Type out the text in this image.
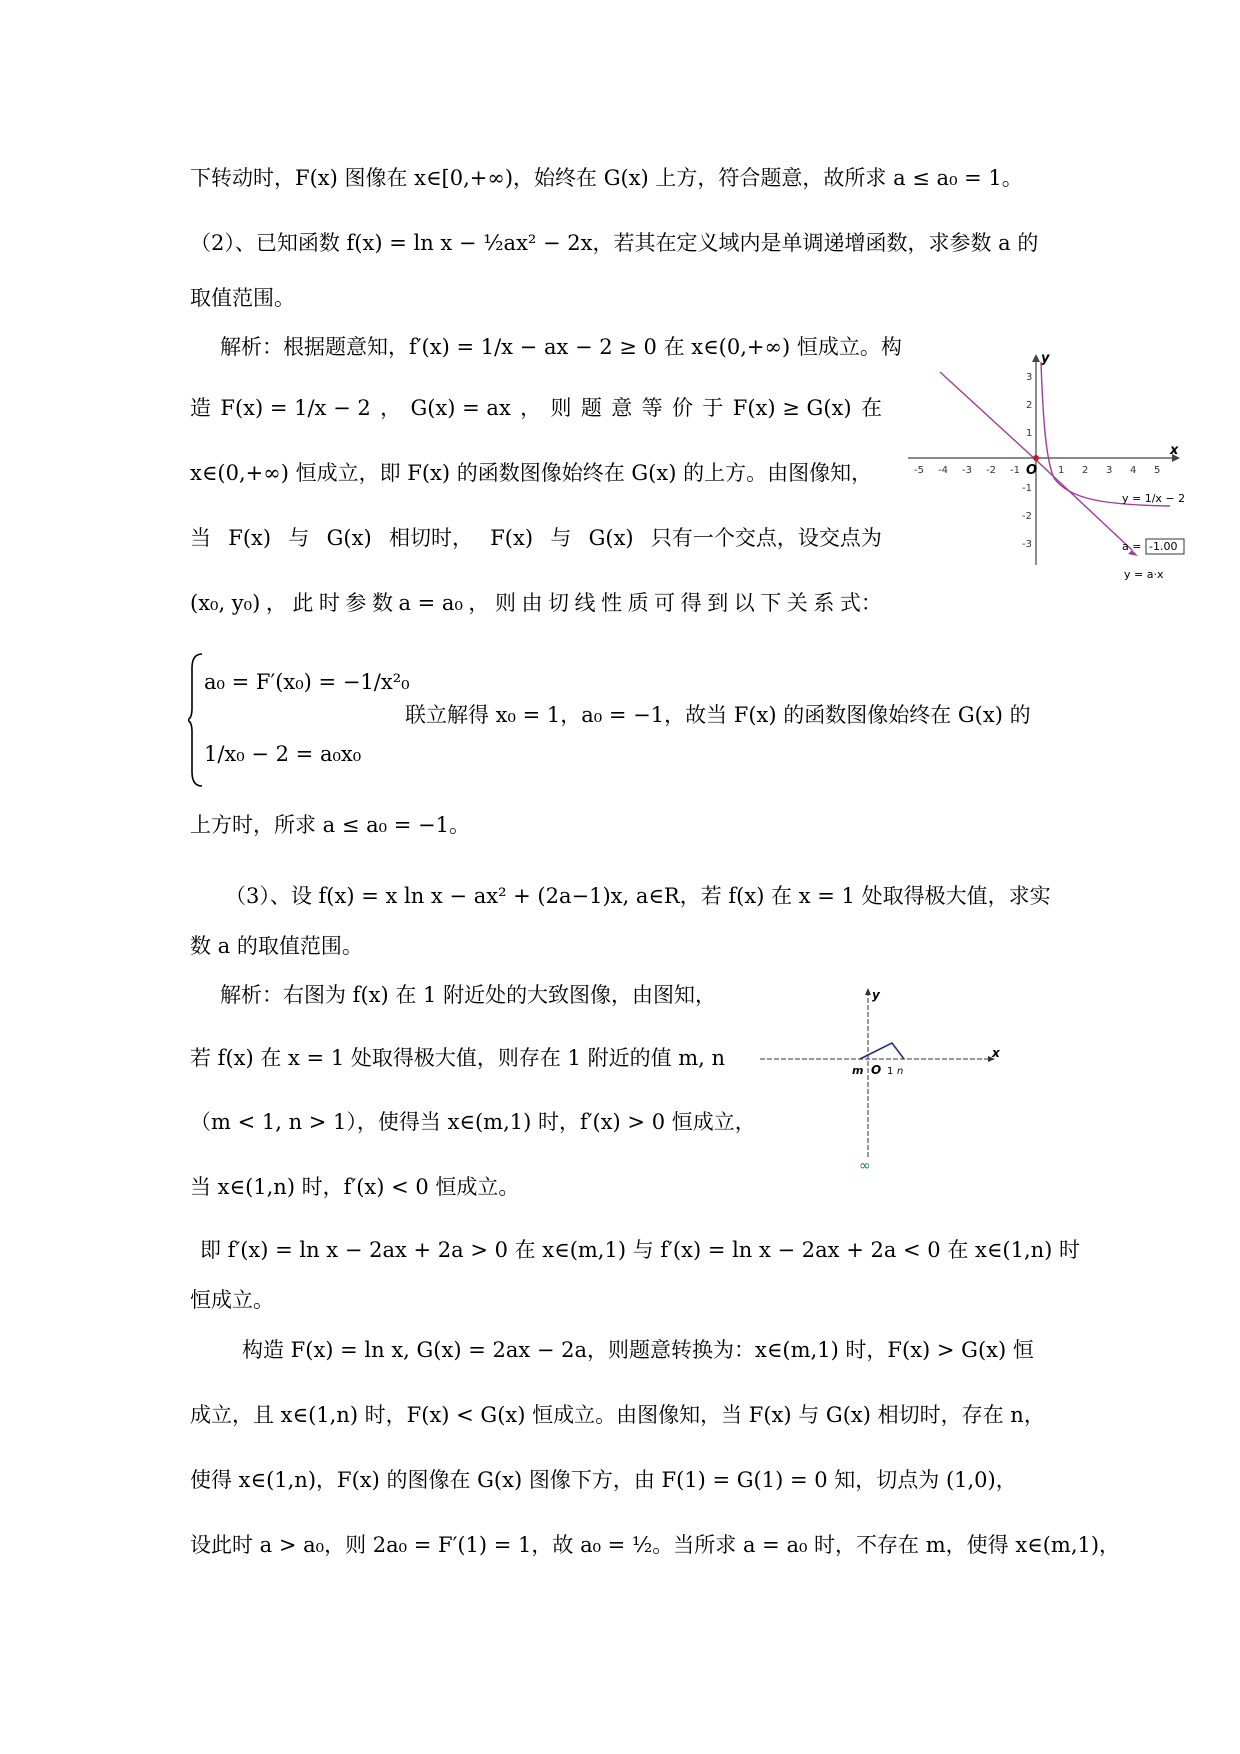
下转动时，F(x) 图像在 x∈[0,+∞)，始终在 G(x) 上方，符合题意，故所求 a ≤ a₀ = 1。
（2）、已知函数 f(x) = ln x − ½ax² − 2x，若其在定义域内是单调递增函数，求参数 a 的
取值范围。
解析：根据题意知，f′(x) = 1/x − ax − 2 ≥ 0 在 x∈(0,+∞) 恒成立。构
造 F(x) = 1/x − 2 ， G(x) = ax ， 则 题 意 等 价 于 F(x) ≥ G(x) 在
x∈(0,+∞) 恒成立，即 F(x) 的函数图像始终在 G(x) 的上方。由图像知，
当 F(x) 与 G(x) 相切时， F(x) 与 G(x) 只有一个交点，设交点为
(x₀, y₀) ， 此 时 参 数 a = a₀ ， 则 由 切 线 性 质 可 得 到 以 下 关 系 式：
a₀ = F′(x₀) = −1/x²₀
1/x₀ − 2 = a₀x₀
联立解得 x₀ = 1，a₀ = −1，故当 F(x) 的函数图像始终在 G(x) 的
上方时，所求 a ≤ a₀ = −1。
（3）、设 f(x) = x ln x − ax² + (2a−1)x, a∈R，若 f(x) 在 x = 1 处取得极大值，求实
数 a 的取值范围。
解析：右图为 f(x) 在 1 附近处的大致图像，由图知，
若 f(x) 在 x = 1 处取得极大值，则存在 1 附近的值 m, n
（m < 1, n > 1），使得当 x∈(m,1) 时，f′(x) > 0 恒成立，
当 x∈(1,n) 时，f′(x) < 0 恒成立。
即 f′(x) = ln x − 2ax + 2a > 0 在 x∈(m,1) 与 f′(x) = ln x − 2ax + 2a < 0 在 x∈(1,n) 时
恒成立。
构造 F(x) = ln x, G(x) = 2ax − 2a，则题意转换为：x∈(m,1) 时，F(x) > G(x) 恒
成立，且 x∈(1,n) 时，F(x) < G(x) 恒成立。由图像知，当 F(x) 与 G(x) 相切时，存在 n，
使得 x∈(1,n)，F(x) 的图像在 G(x) 图像下方，由 F(1) = G(1) = 0 知，切点为 (1,0)，
设此时 a > a₀，则 2a₀ = F′(1) = 1，故 a₀ = ½。当所求 a = a₀ 时，不存在 m，使得 x∈(m,1)，
-5 -4 -3 -2 -1	1 2 3 4 5
3
2
1
-1
-2
-3
O
x
y
y = 1/x − 2
a = -1.00
y = a·x
x
y
m O 1 n
∞
